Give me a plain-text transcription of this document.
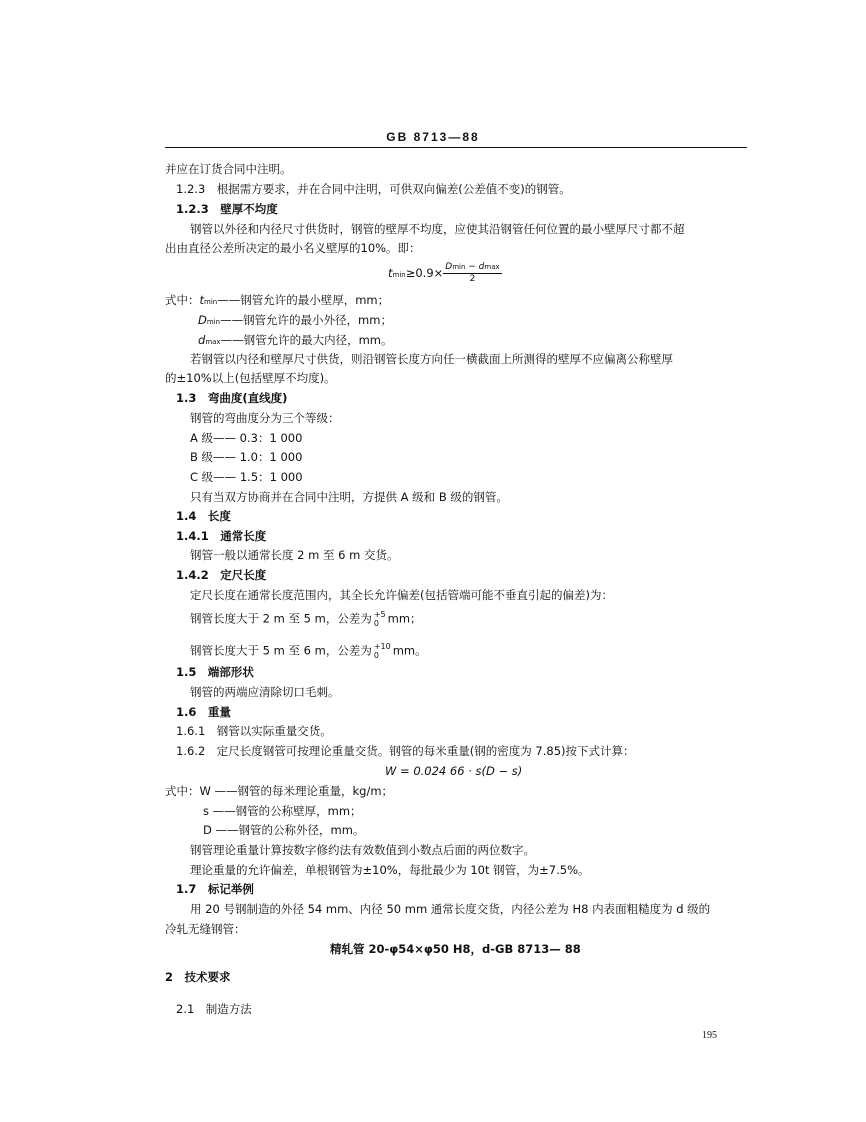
GB 8713—88
并应在订货合同中注明。
1.2.3　根据需方要求，并在合同中注明，可供双向偏差(公差值不变)的钢管。
1.2.3　壁厚不均度
钢管以外径和内径尺寸供货时，钢管的壁厚不均度，应使其沿钢管任何位置的最小壁厚尺寸都不超
出由直径公差所决定的最小名义壁厚的10%。即：
$tmin\ge 0.9\times \frac{Dmin - dmax}{2}$
式中：tmin——钢管允许的最小壁厚，mm；
Dmin——钢管允许的最小外径，mm；
dmax——钢管允许的最大内径，mm。
若钢管以内径和壁厚尺寸供货，则沿钢管长度方向任一横截面上所测得的壁厚不应偏离公称壁厚
的±10%以上(包括壁厚不均度)。
1.3　弯曲度(直线度)
钢管的弯曲度分为三个等级：
A 级—— 0.3：1 000
B 级—— 1.0：1 000
C 级—— 1.5：1 000
只有当双方协商并在合同中注明，方提供 A 级和 B 级的钢管。
1.4　长度
1.4.1　通常长度
钢管一般以通常长度 2 m 至 6 m 交货。
1.4.2　定尺长度
定尺长度在通常长度范围内，其全长允许偏差(包括管端可能不垂直引起的偏差)为：
钢管长度大于 2 m 至 5 m，公差为 +5
0 mm；
钢管长度大于 5 m 至 6 m，公差为 +10
0	mm。
1.5　端部形状
钢管的两端应清除切口毛刺。
1.6　重量
1.6.1　钢管以实际重量交货。
1.6.2　定尺长度钢管可按理论重量交货。钢管的每米重量(钢的密度为 7.85)按下式计算：
W = 0.024 66 · s(D − s)
式中：W ——钢管的每米理论重量，kg/m；
s ——钢管的公称壁厚，mm；
D ——钢管的公称外径，mm。
钢管理论重量计算按数字修约法有效数值到小数点后面的两位数字。
理论重量的允许偏差，单根钢管为±10%，每批最少为 10t 钢管，为±7.5%。
1.7　标记举例
用 20 号钢制造的外径 54 mm、内径 50 mm 通常长度交货，内径公差为 H8 内表面粗糙度为 d 级的
冷轧无缝钢管：
精轧管 20-φ54×φ50 H8，d-GB 8713— 88
2　技术要求
2.1　制造方法
195
